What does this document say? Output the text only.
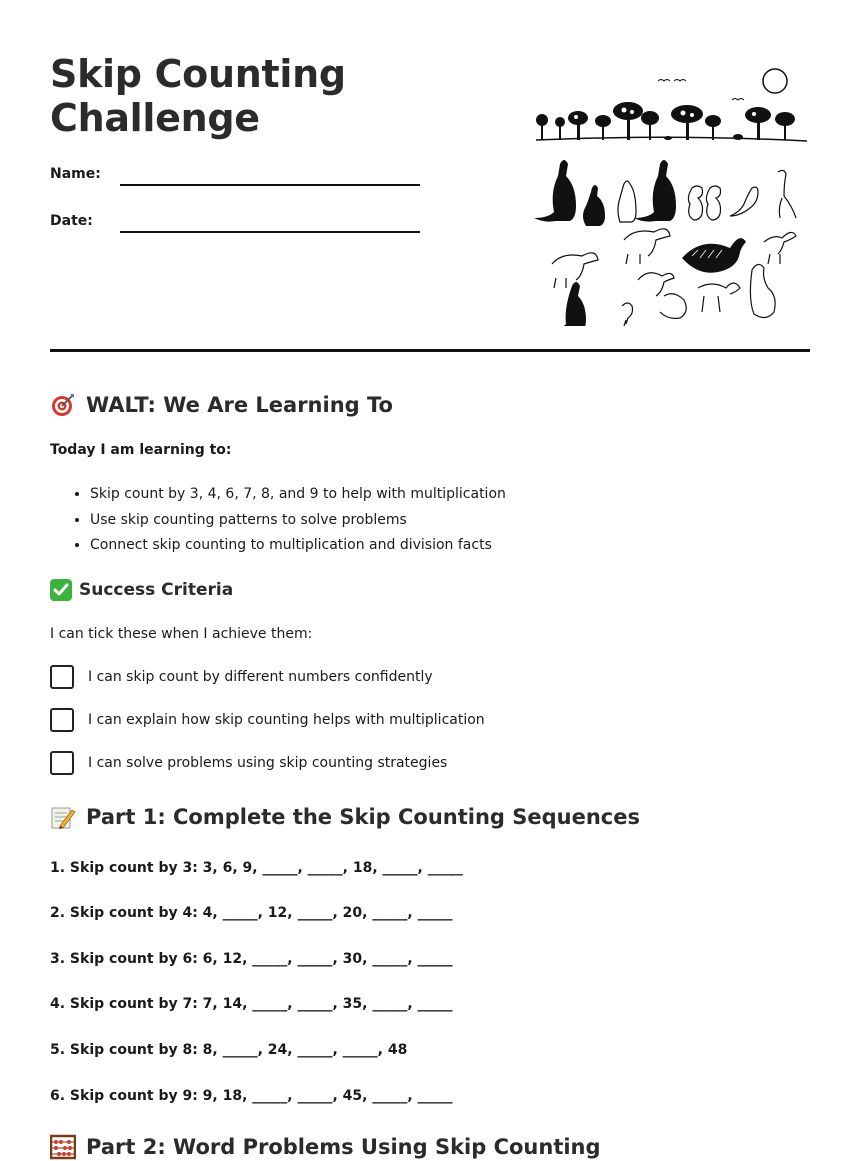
Skip Counting
Challenge
Name:
Date:
WALT: We Are Learning To
Today I am learning to:
• Skip count by 3, 4, 6, 7, 8, and 9 to help with multiplication
• Use skip counting patterns to solve problems
• Connect skip counting to multiplication and division facts
Success Criteria
I can tick these when I achieve them:
I can skip count by different numbers confidently
I can explain how skip counting helps with multiplication
I can solve problems using skip counting strategies
Part 1: Complete the Skip Counting Sequences
1. Skip count by 3: 3, 6, 9, _____, _____, 18, _____, _____
2. Skip count by 4: 4, _____, 12, _____, 20, _____, _____
3. Skip count by 6: 6, 12, _____, _____, 30, _____, _____
4. Skip count by 7: 7, 14, _____, _____, 35, _____, _____
5. Skip count by 8: 8, _____, 24, _____, _____, 48
6. Skip count by 9: 9, 18, _____, _____, 45, _____, _____
Part 2: Word Problems Using Skip Counting
